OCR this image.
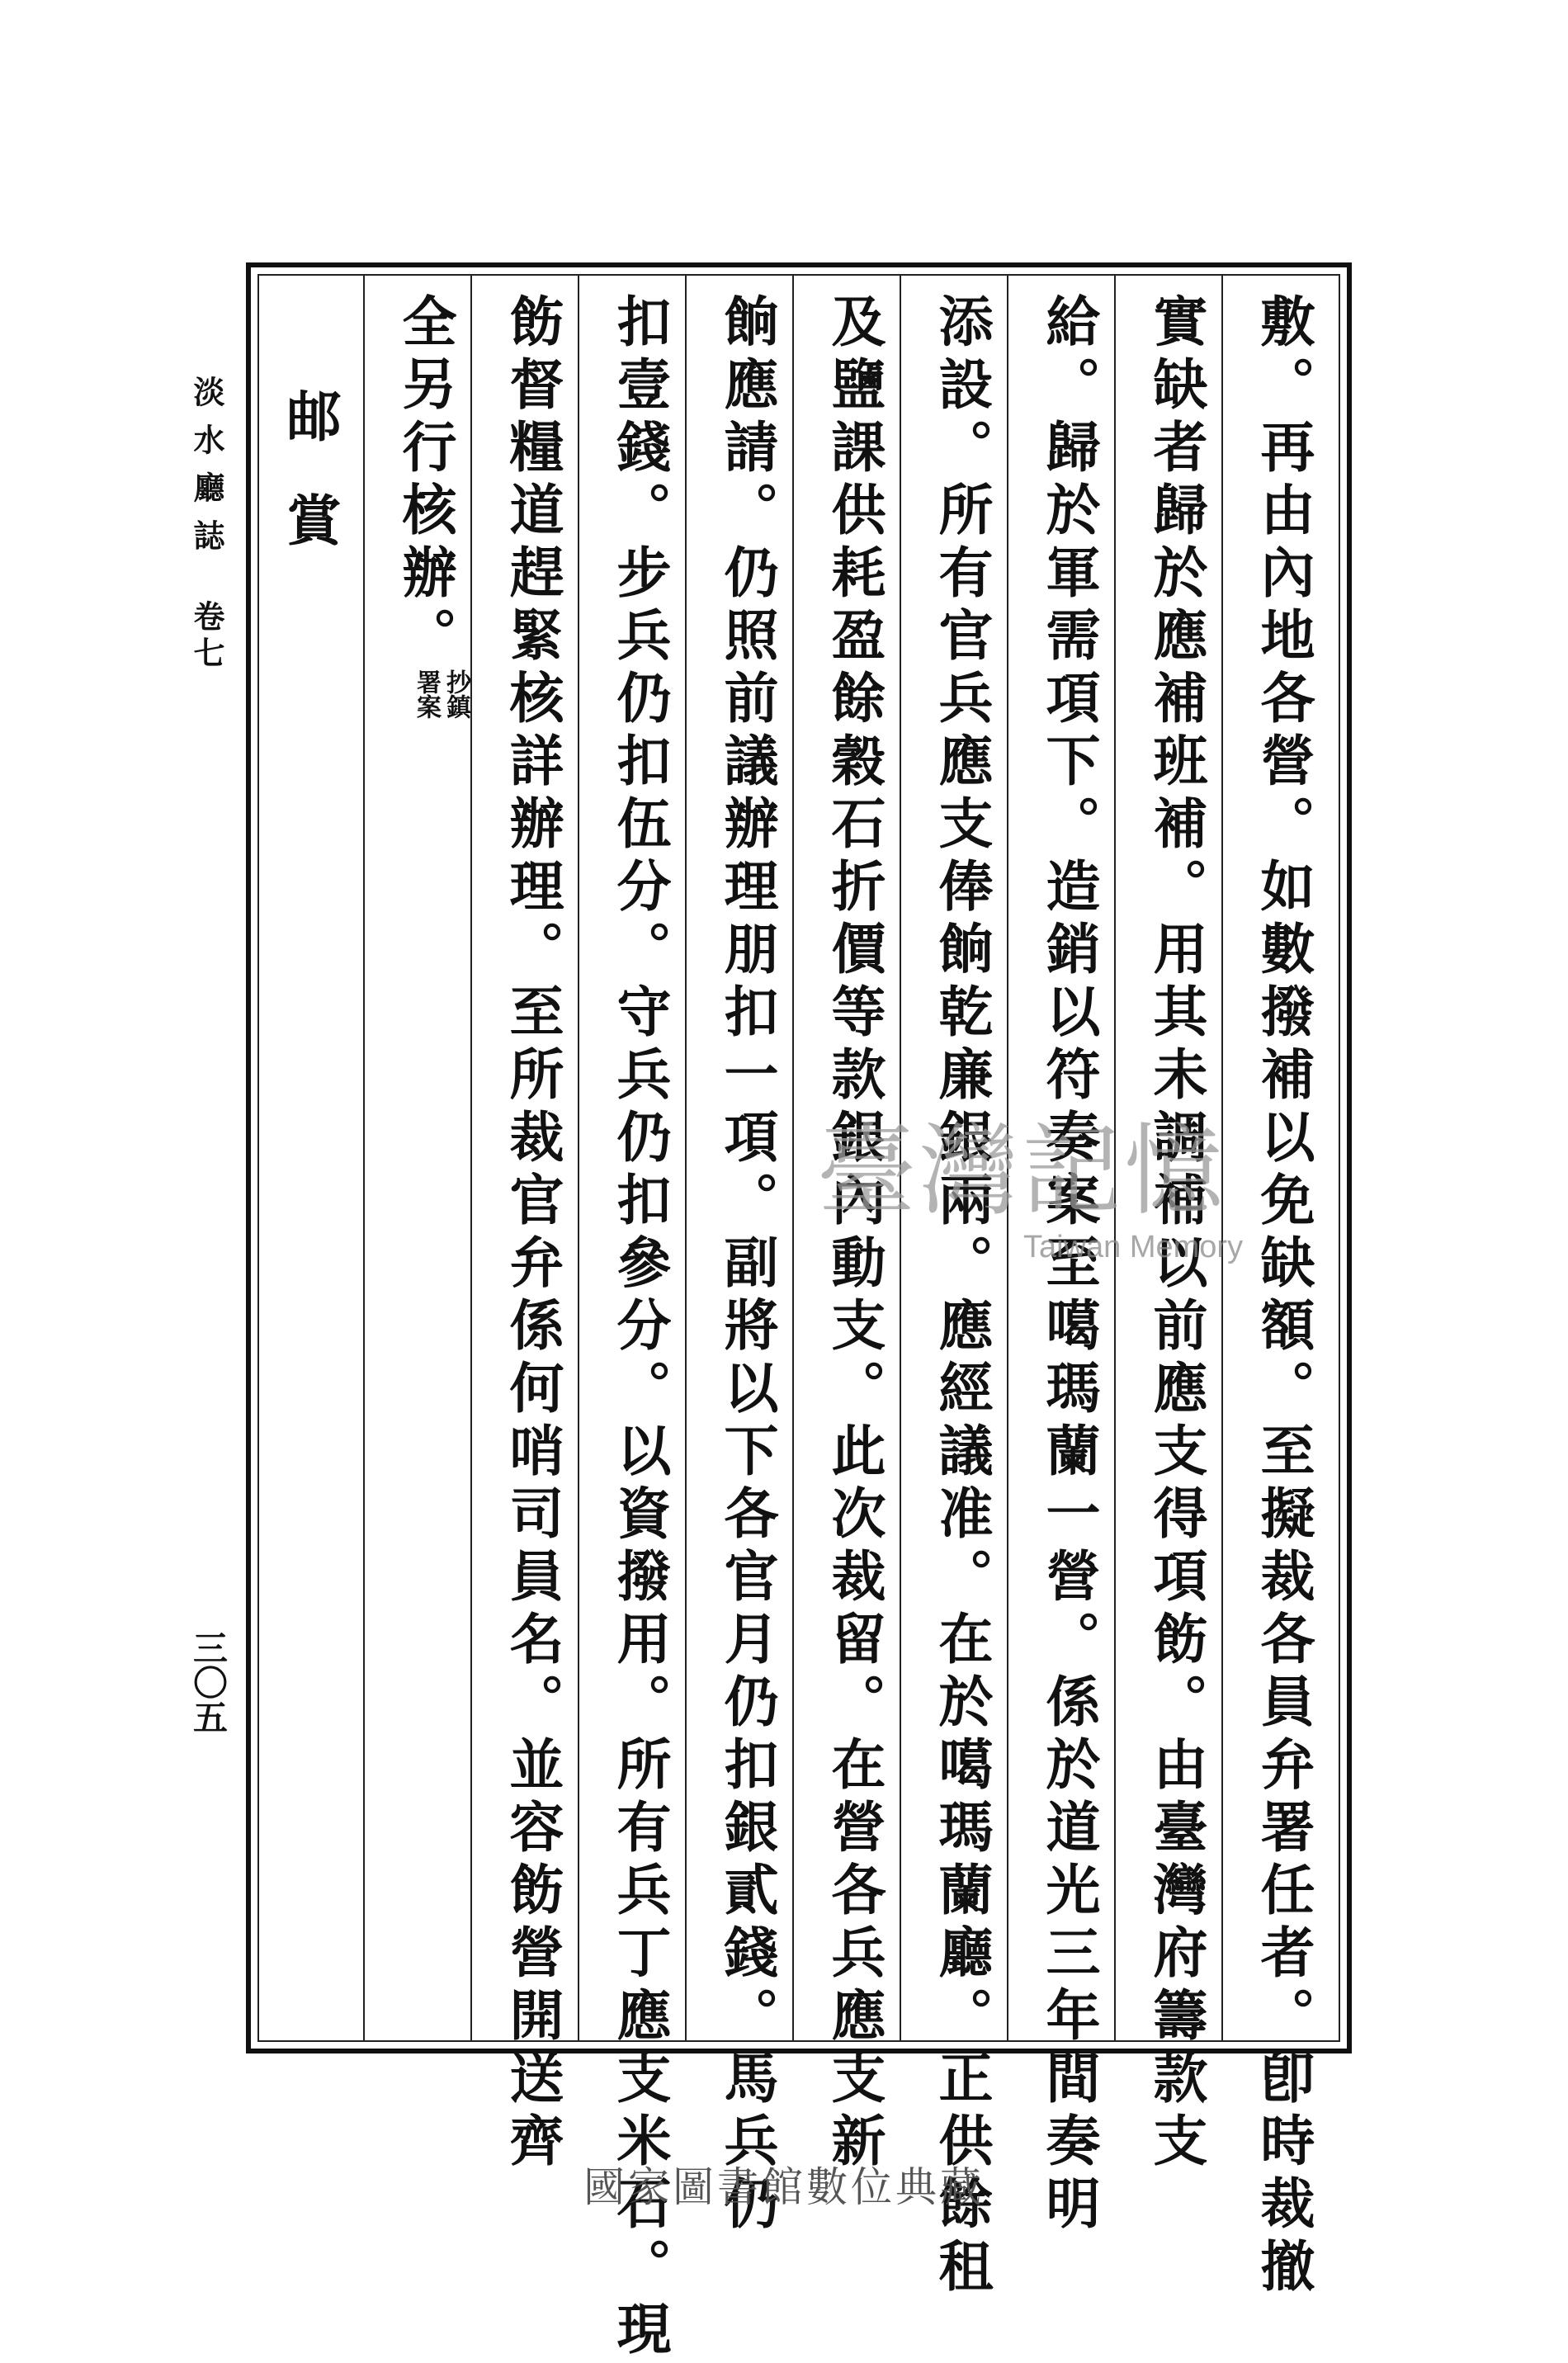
淡水廳誌卷七
三〇五
邮賞	敷。再由內地各營。如數撥補以免缺額。至擬裁各員弁署任者。卽時裁撤
實缺者歸於應補班補。用其未調補以前應支得項飭。由臺灣府籌款支
給。歸於軍需項下。造銷以符奏案至噶瑪蘭一營。係於道光三年間奏明
添設。所有官兵應支俸餉乾廉銀兩。應經議准。在於噶瑪蘭廳。正供餘租
及鹽課供耗盈餘穀石折價等款銀內動支。此次裁留。在營各兵應支新
餉應請。仍照前議辦理朋扣一項。副將以下各官月仍扣銀貳錢。馬兵仍
扣壹錢。步兵仍扣伍分。守兵仍扣參分。以資撥用。所有兵丁應支米石。現
飭督糧道趕緊核詳辦理。至所裁官弁係何哨司員名。並容飭營開送齊
全另行核辦。
抄鎮
署案
臺灣記憶
Taiwan Memory
國家圖書館數位典藏
